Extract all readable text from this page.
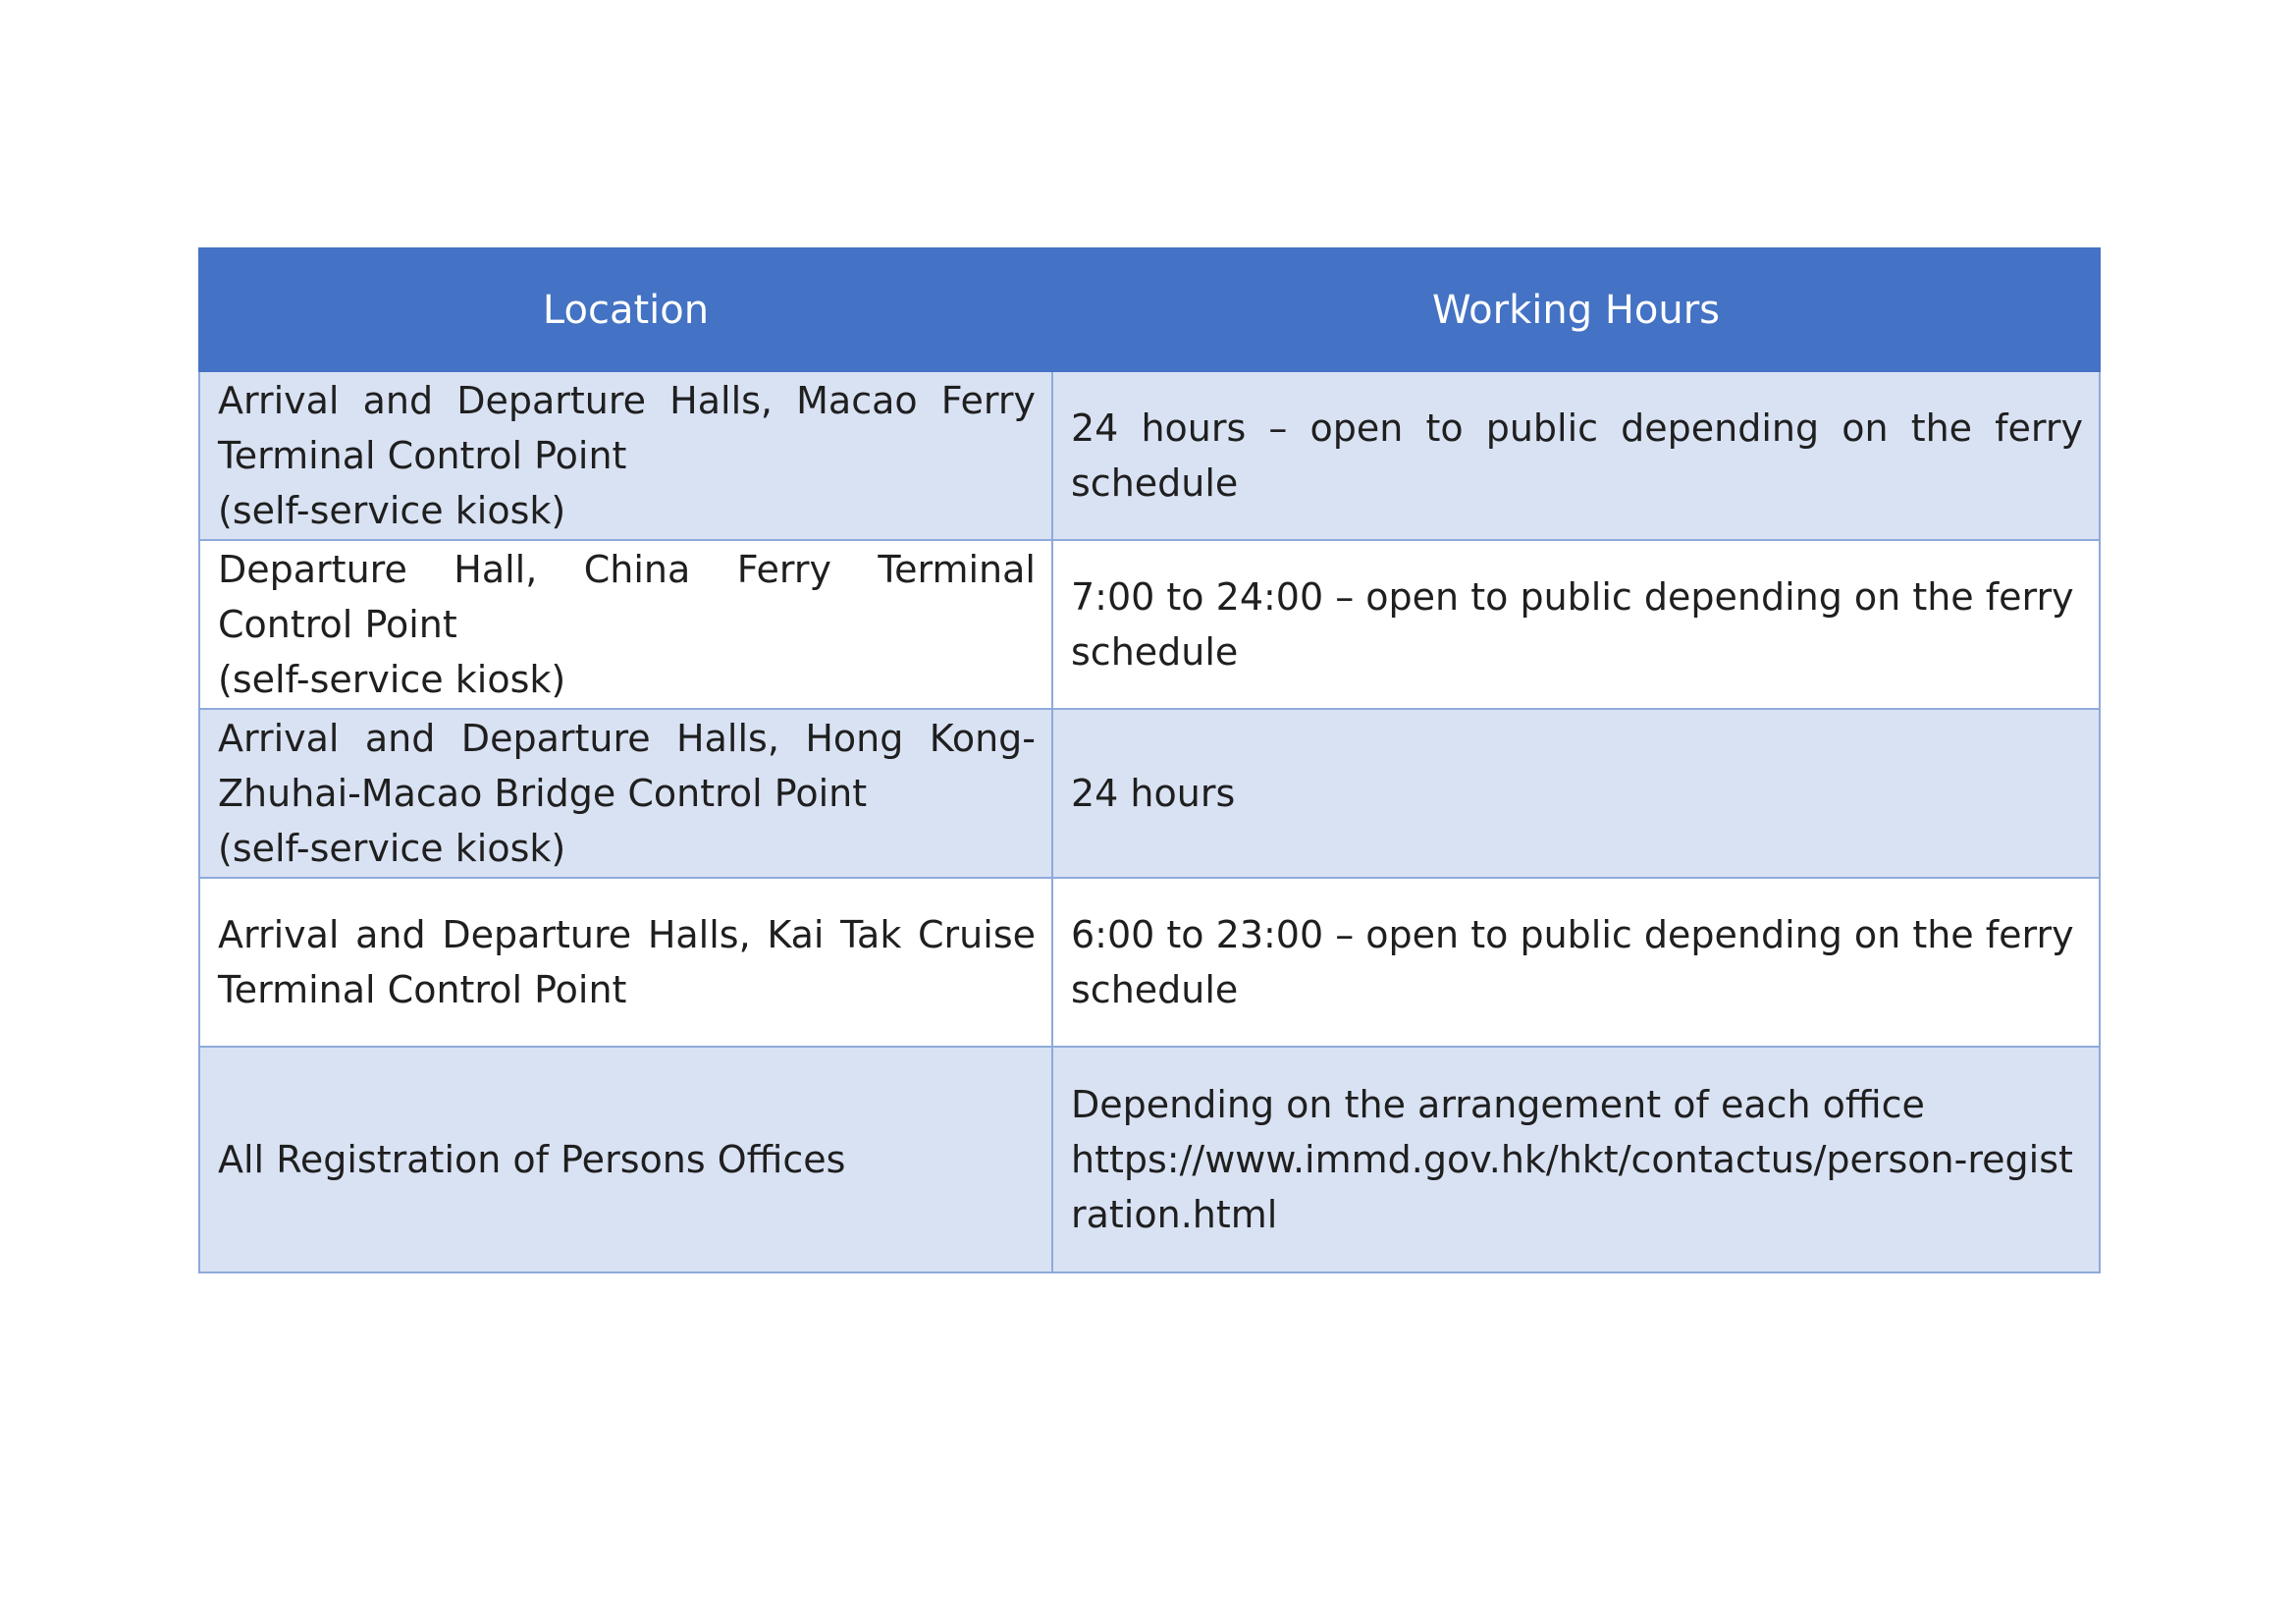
Location	Working Hours

Arrival and Departure Halls, Macao Ferry Terminal Control Point
(self-service kiosk)	24 hours – open to public depending on the ferry schedule

Departure Hall, China Ferry Terminal Control Point
(self-service kiosk)	7:00 to 24:00 – open to public depending on the ferry schedule

Arrival and Departure Halls, Hong Kong-Zhuhai-Macao Bridge Control Point
(self-service kiosk)	24 hours

Arrival and Departure Halls, Kai Tak Cruise Terminal Control Point	6:00 to 23:00 – open to public depending on the ferry schedule

All Registration of Persons Offices	Depending on the arrangement of each office
https://www.immd.gov.hk/hkt/contactus/person-registration.html
